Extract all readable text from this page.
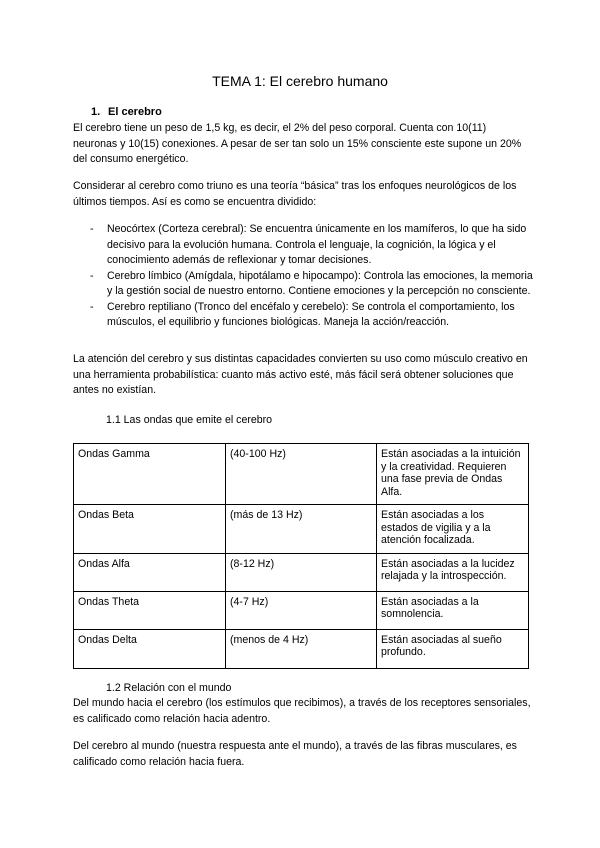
TEMA 1: El cerebro humano
1. El cerebro
El cerebro tiene un peso de 1,5 kg, es decir, el 2% del peso corporal. Cuenta con 10(11) neuronas y 10(15) conexiones. A pesar de ser tan solo un 15% consciente este supone un 20% del consumo energético.
Considerar al cerebro como triuno es una teoría “básica” tras los enfoques neurológicos de los últimos tiempos. Así es como se encuentra dividido:
- Neocórtex (Corteza cerebral): Se encuentra únicamente en los mamíferos, lo que ha sido decisivo para la evolución humana. Controla el lenguaje, la cognición, la lógica y el conocimiento además de reflexionar y tomar decisiones.
- Cerebro límbico (Amígdala, hipotálamo e hipocampo): Controla las emociones, la memoria y la gestión social de nuestro entorno. Contiene emociones y la percepción no consciente.
- Cerebro reptiliano (Tronco del encéfalo y cerebelo): Se controla el comportamiento, los músculos, el equilibrio y funciones biológicas. Maneja la acción/reacción.
La atención del cerebro y sus distintas capacidades convierten su uso como músculo creativo en una herramienta probabilística: cuanto más activo esté, más fácil será obtener soluciones que antes no existían.
1.1 Las ondas que emite el cerebro
Ondas Gamma	(40-100 Hz)	Están asociadas a la intuición y la creatividad. Requieren una fase previa de Ondas Alfa.
Ondas Beta	(más de 13 Hz)	Están asociadas a los estados de vigilia y a la atención focalizada.
Ondas Alfa	(8-12 Hz)	Están asociadas a la lucidez relajada y la introspección.
Ondas Theta	(4-7 Hz)	Están asociadas a la somnolencia.
Ondas Delta	(menos de 4 Hz)	Están asociadas al sueño profundo.
1.2 Relación con el mundo
Del mundo hacia el cerebro (los estímulos que recibimos), a través de los receptores sensoriales, es calificado como relación hacia adentro.
Del cerebro al mundo (nuestra respuesta ante el mundo), a través de las fibras musculares, es calificado como relación hacia fuera.
